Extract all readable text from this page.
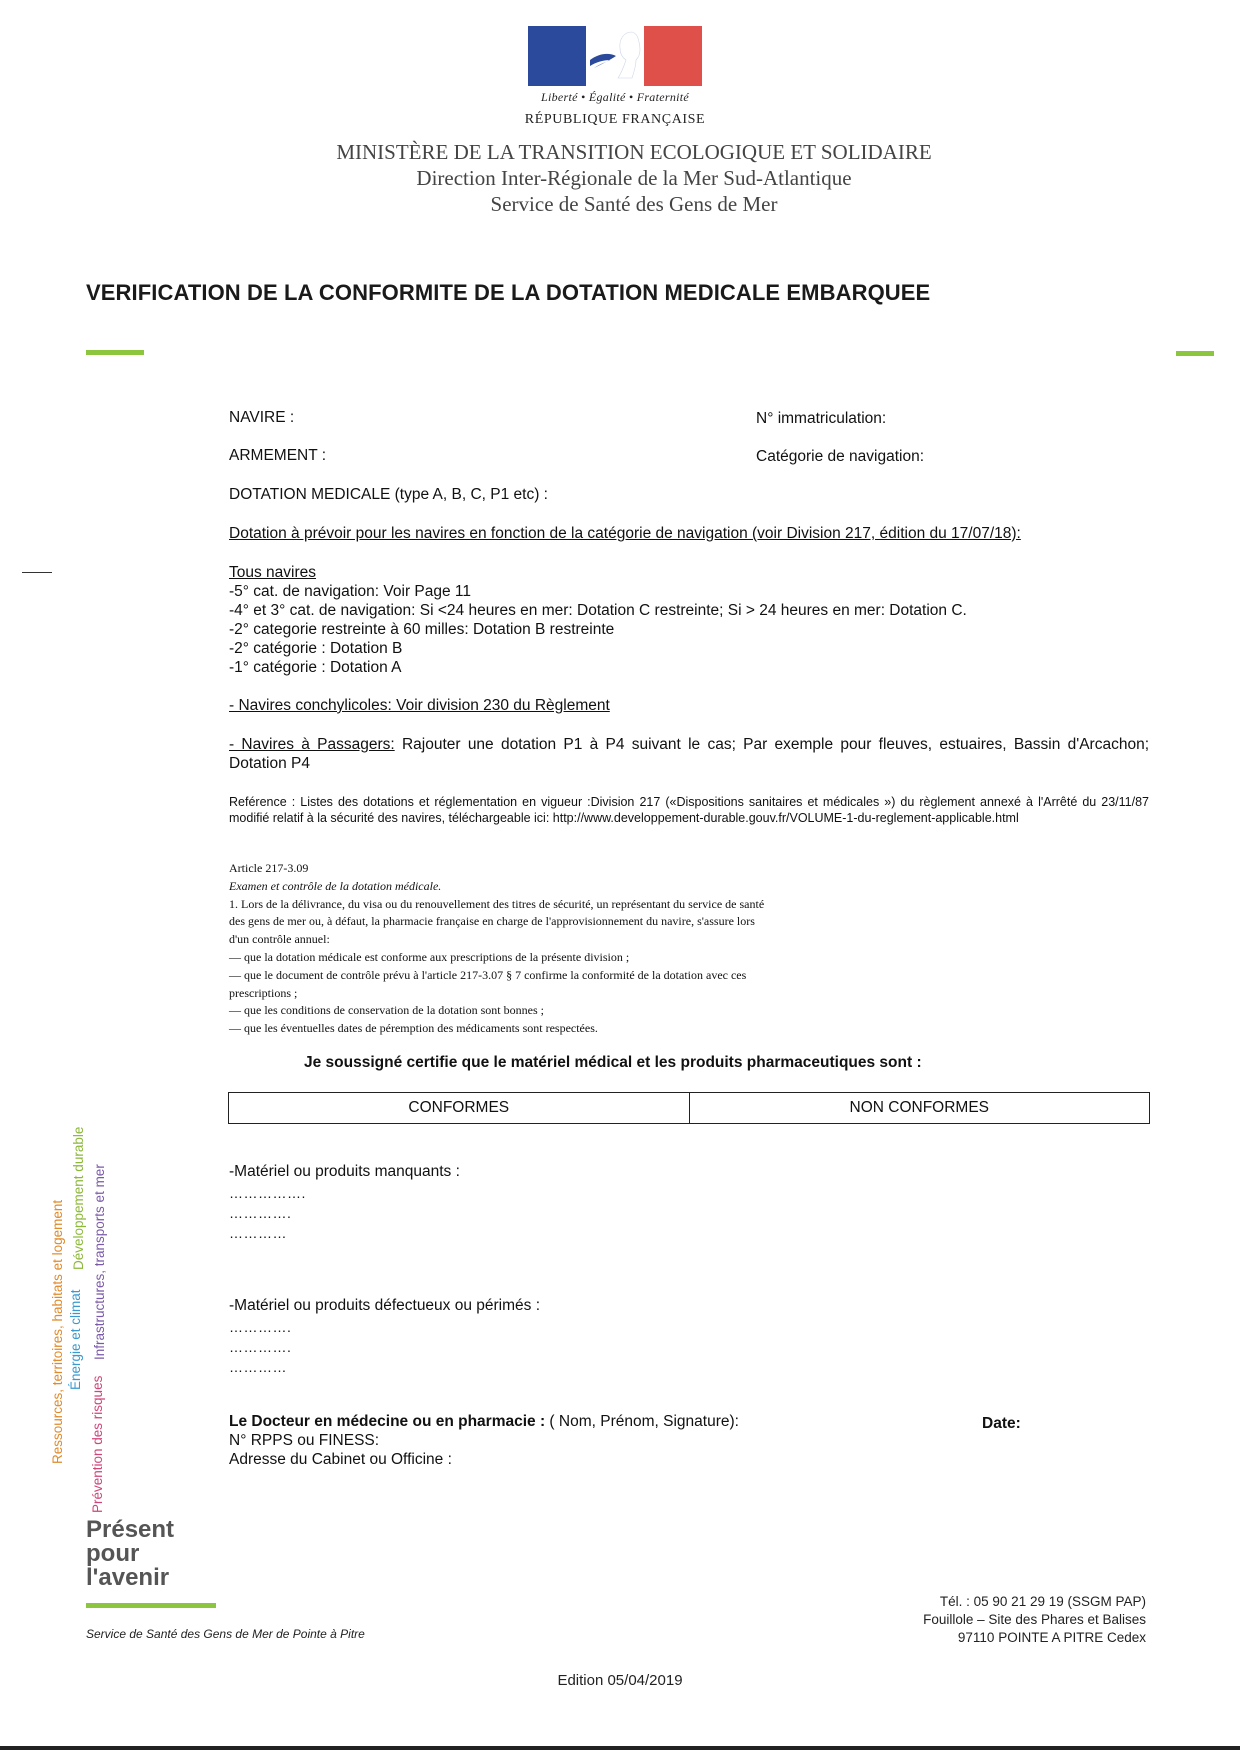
Liberté • Égalité • Fraternité
RÉPUBLIQUE FRANÇAISE
MINISTÈRE DE LA TRANSITION ECOLOGIQUE ET SOLIDAIRE
Direction Inter-Régionale de la Mer Sud-Atlantique
Service de Santé des Gens de Mer
VERIFICATION DE LA CONFORMITE DE LA DOTATION MEDICALE EMBARQUEE
NAVIRE :	N° immatriculation:
ARMEMENT :	Catégorie de navigation:
DOTATION MEDICALE (type A, B, C, P1 etc) :
Dotation à prévoir pour les navires en fonction de la catégorie de navigation (voir Division 217, édition du 17/07/18):
Tous navires
-5° cat. de navigation: Voir Page 11
-4° et 3° cat. de navigation: Si <24 heures en mer: Dotation C restreinte; Si > 24 heures en mer: Dotation C.
-2° categorie restreinte à 60 milles: Dotation B restreinte
-2° catégorie : Dotation B
-1° catégorie : Dotation A
- Navires conchylicoles: Voir division 230 du Règlement
- Navires à Passagers: Rajouter une dotation P1 à P4 suivant le cas; Par exemple pour fleuves, estuaires, Bassin d'Arcachon; Dotation P4
Reférence : Listes des dotations et réglementation en vigueur :Division 217 («Dispositions sanitaires et médicales ») du règlement annexé à l'Arrêté du 23/11/87 modifié relatif à la sécurité des navires, téléchargeable ici: http://www.developpement-durable.gouv.fr/VOLUME-1-du-reglement-applicable.html
Article 217-3.09
Examen et contrôle de la dotation médicale.
1. Lors de la délivrance, du visa ou du renouvellement des titres de sécurité, un représentant du service de santé
des gens de mer ou, à défaut, la pharmacie française en charge de l'approvisionnement du navire, s'assure lors
d'un contrôle annuel:
— que la dotation médicale est conforme aux prescriptions de la présente division ;
— que le document de contrôle prévu à l'article 217-3.07 § 7 confirme la conformité de la dotation avec ces
prescriptions ;
— que les conditions de conservation de la dotation sont bonnes ;
— que les éventuelles dates de péremption des médicaments sont respectées.
Je soussigné certifie que le matériel médical et les produits pharmaceutiques sont :
CONFORMES	NON CONFORMES
-Matériel ou produits manquants :
…………….
………….
…………
-Matériel ou produits défectueux ou périmés :
………….
………….
…………
Le Docteur en médecine ou en pharmacie : ( Nom, Prénom, Signature):	Date:
N° RPPS ou FINESS:
Adresse du Cabinet ou Officine :
Ressources, territoires, habitats et logement Énergie et climat
Développement durable
Prévention des risques
Infrastructures, transports et mer
Présent
pour
l'avenir
Service de Santé des Gens de Mer de Pointe à Pitre
Tél. : 05 90 21 29 19 (SSGM PAP)
Fouillole – Site des Phares et Balises
97110 POINTE A PITRE Cedex
Edition 05/04/2019
